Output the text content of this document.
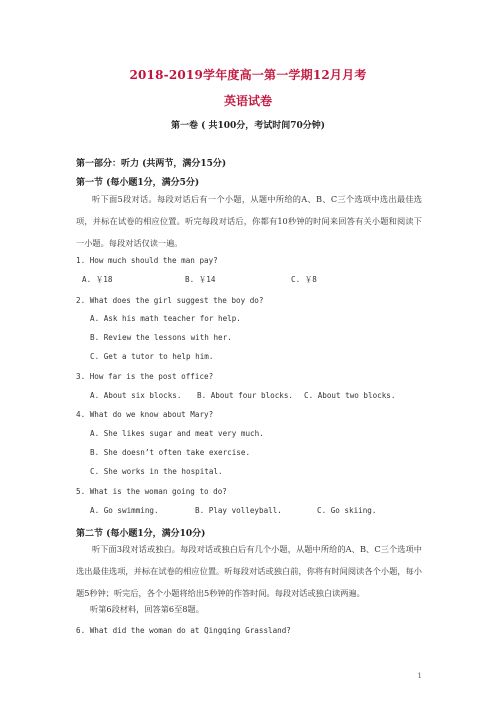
2018-2019学年度高一第一学期12月月考
英语试卷
第一卷 ( 共100分，考试时间70分钟)
第一部分：听力 (共两节，满分15分)
第一节 (每小题1分，满分5分)
听下面5段对话。每段对话后有一个小题，从题中所给的A、B、C三个选项中选出最佳选项，并标在试卷的相应位置。听完每段对话后，你都有10秒钟的时间来回答有关小题和阅读下一小题。每段对话仅读一遍。
1. How much should the man pay?
A. ￥18	B. ￥14	C. ￥8
2. What does the girl suggest the boy do?
A. Ask his math teacher for help.
B. Review the lessons with her.
C. Get a tutor to help him.
3. How far is the post office?
A. About six blocks. B. About four blocks. C. About two blocks.
4. What do we know about Mary?
A. She likes sugar and meat very much.
B. She doesn’t often take exercise.
C. She works in the hospital.
5. What is the woman going to do?
A. Go swimming.	B. Play volleyball.	C. Go skiing.
第二节 (每小题1分，满分10分)
听下面3段对话或独白。每段对话或独白后有几个小题，从题中所给的A、B、C三个选项中选出最佳选项，并标在试卷的相应位置。听每段对话或独白前，你将有时间阅读各个小题，每小题5秒钟；听完后，各个小题将给出5秒钟的作答时间。每段对话或独白读两遍。
听第6段材料，回答第6至8题。
6. What did the woman do at Qingqing Grassland?
1
